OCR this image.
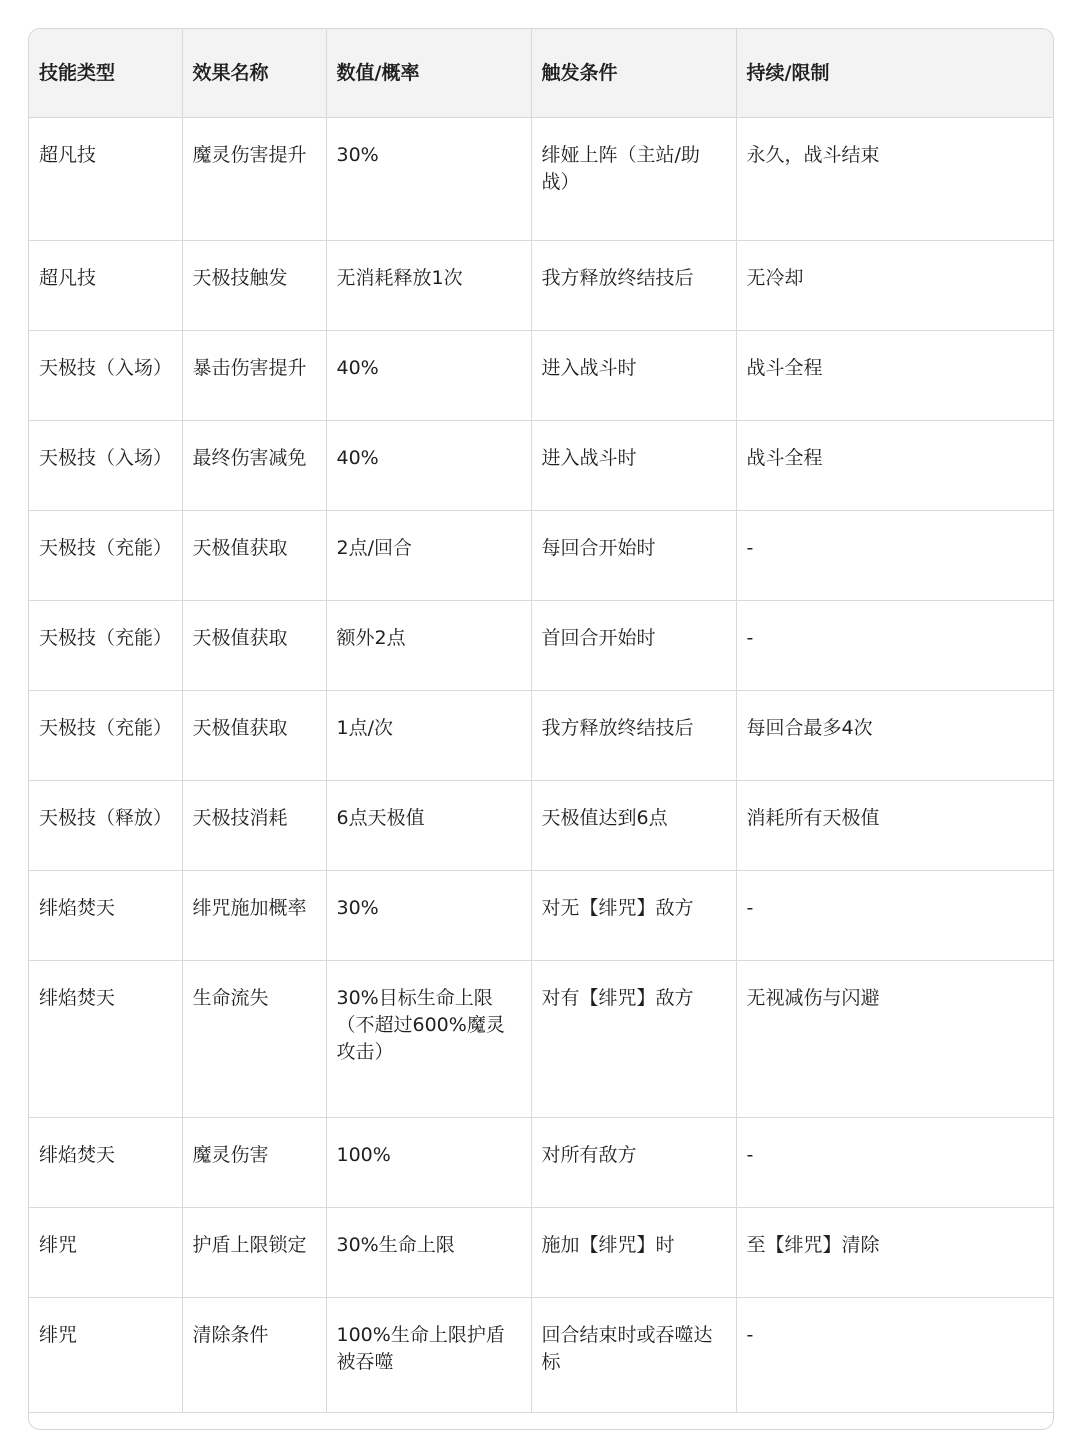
技能类型	效果名称	数值/概率	触发条件	持续/限制
超凡技	魔灵伤害提升	30%	绯娅上阵（主站/助战）	永久，战斗结束
超凡技	天极技触发	无消耗释放1次	我方释放终结技后	无冷却
天极技（入场）	暴击伤害提升	40%	进入战斗时	战斗全程
天极技（入场）	最终伤害减免	40%	进入战斗时	战斗全程
天极技（充能）	天极值获取	2点/回合	每回合开始时	-
天极技（充能）	天极值获取	额外2点	首回合开始时	-
天极技（充能）	天极值获取	1点/次	我方释放终结技后	每回合最多4次
天极技（释放）	天极技消耗	6点天极值	天极值达到6点	消耗所有天极值
绯焰焚天	绯咒施加概率	30%	对无【绯咒】敌方	-
绯焰焚天	生命流失	30%目标生命上限（不超过600%魔灵攻击）	对有【绯咒】敌方	无视减伤与闪避
绯焰焚天	魔灵伤害	100%	对所有敌方	-
绯咒	护盾上限锁定	30%生命上限	施加【绯咒】时	至【绯咒】清除
绯咒	清除条件	100%生命上限护盾被吞噬	回合结束时或吞噬达标	-
